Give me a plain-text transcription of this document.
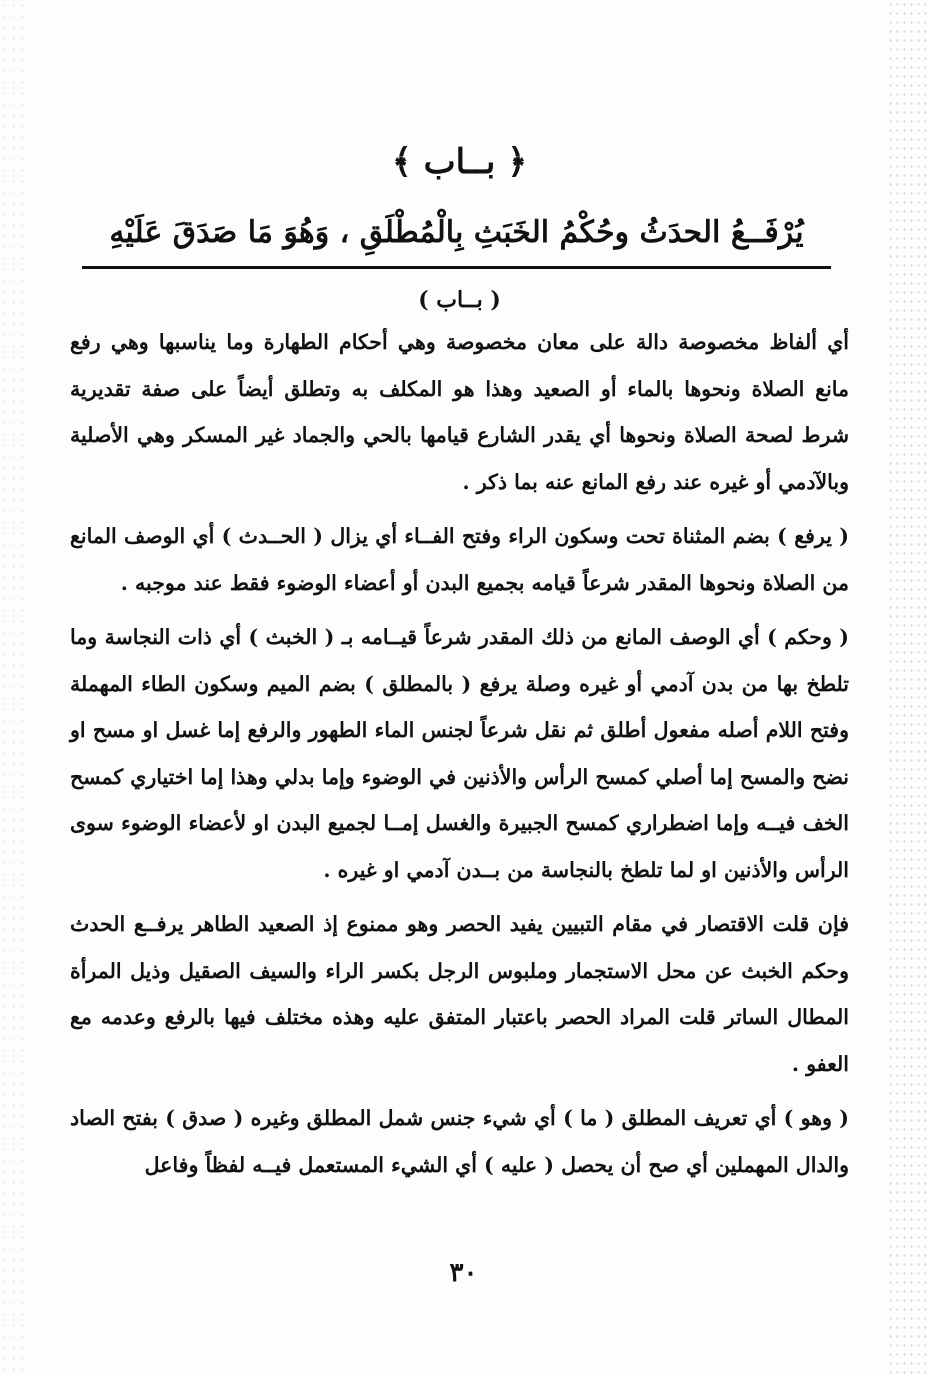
﴿ بــاب ﴾
يُرْفَــعُ الحدَثُ وحُكْمُ الخَبَثِ بِالْمُطْلَقِ ، وَهُوَ مَا صَدَقَ عَلَيْهِ
( بــاب )

أي ألفاظ مخصوصة دالة على معان مخصوصة وهي أحكام الطهارة وما يناسبها وهي رفع مانع الصلاة ونحوها بالماء أو الصعيد وهذا هو المكلف به وتطلق أيضاً على صفة تقديرية شرط لصحة الصلاة ونحوها أي يقدر الشارع قيامها بالحي والجماد غير المسكر وهي الأصلية وبالآدمي أو غيره عند رفع المانع عنه بما ذكر .

( يرفع ) بضم المثناة تحت وسكون الراء وفتح الفــاء أي يزال ( الحــدث ) أي الوصف المانع من الصلاة ونحوها المقدر شرعاً قيامه بجميع البدن أو أعضاء الوضوء فقط عند موجبه .

( وحكم ) أي الوصف المانع من ذلك المقدر شرعاً قيــامه بـ ( الخبث ) أي ذات النجاسة وما تلطخ بها من بدن آدمي أو غيره وصلة يرفع ( بالمطلق ) بضم الميم وسكون الطاء المهملة وفتح اللام أصله مفعول أطلق ثم نقل شرعاً لجنس الماء الطهور والرفع إما غسل او مسح او نضح والمسح إما أصلي كمسح الرأس والأذنين في الوضوء وإما بدلي وهذا إما اختياري كمسح الخف فيــه وإما اضطراري كمسح الجبيرة والغسل إمــا لجميع البدن او لأعضاء الوضوء سوى الرأس والأذنين او لما تلطخ بالنجاسة من بــدن آدمي او غيره .

فإن قلت الاقتصار في مقام التبيين يفيد الحصر وهو ممنوع إذ الصعيد الطاهر يرفــع الحدث وحكم الخبث عن محل الاستجمار وملبوس الرجل بكسر الراء والسيف الصقيل وذيل المرأة المطال الساتر قلت المراد الحصر باعتبار المتفق عليه وهذه مختلف فيها بالرفع وعدمه مع العفو .

( وهو ) أي تعريف المطلق ( ما ) أي شيء جنس شمل المطلق وغيره ( صدق ) بفتح الصاد والدال المهملين أي صح أن يحصل ( عليه ) أي الشيء المستعمل فيــه لفظاً وفاعل

٣٠
